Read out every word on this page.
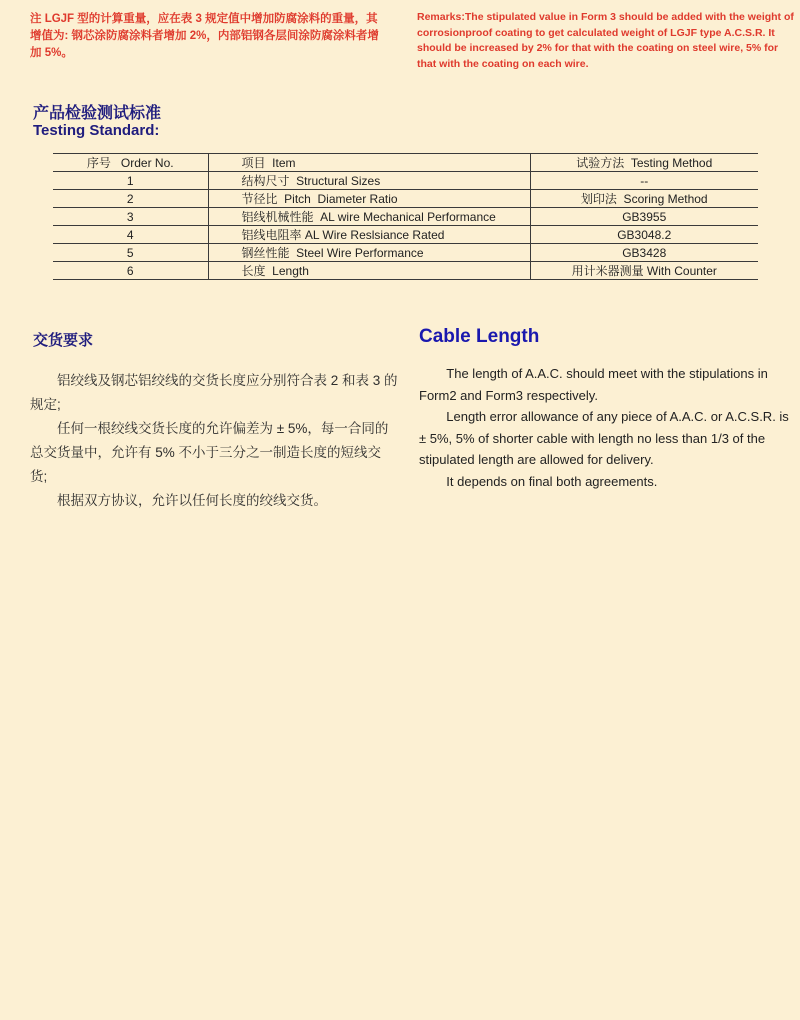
注 LGJF 型的计算重量，应在表 3 规定值中增加防腐涂料的重量，其增值为: 钢芯涂防腐涂料者增加 2%，内部铝钢各层间涂防腐涂料者增加 5%。
Remarks:The stipulated value in Form 3 should be added with the weight of corrosionproof coating to get calculated weight of LGJF type A.C.S.R. It should be increased by 2% for that with the coating on steel wire, 5% for that with the coating on each wire.
产品检验测试标准
Testing Standard:
序号   Order No.	项目  Item	试验方法  Testing Method
1	结构尺寸  Structural Sizes	--
2	节径比  Pitch  Diameter Ratio	划印法  Scoring Method
3	铝线机械性能  AL wire Mechanical Performance	GB3955
4	铝线电阻率 AL Wire Reslsiance Rated	GB3048.2
5	钢丝性能  Steel Wire Performance	GB3428
6	长度  Length	用计米器测量 With Counter
交货要求

铝绞线及钢芯铝绞线的交货长度应分别符合表 2 和表 3 的规定;

任何一根绞线交货长度的允许偏差为 ± 5%，每一合同的总交货量中，允许有 5% 不小于三分之一制造长度的短线交货;

根据双方协议，允许以任何长度的绞线交货。

Cable Length

The length of A.A.C. should meet with the stipulations in Form2 and Form3 respectively.

Length error allowance of any piece of A.A.C. or A.C.S.R. is ± 5%, 5% of shorter cable with length no less than 1/3 of the stipulated length are allowed for delivery.

It depends on final both agreements.
